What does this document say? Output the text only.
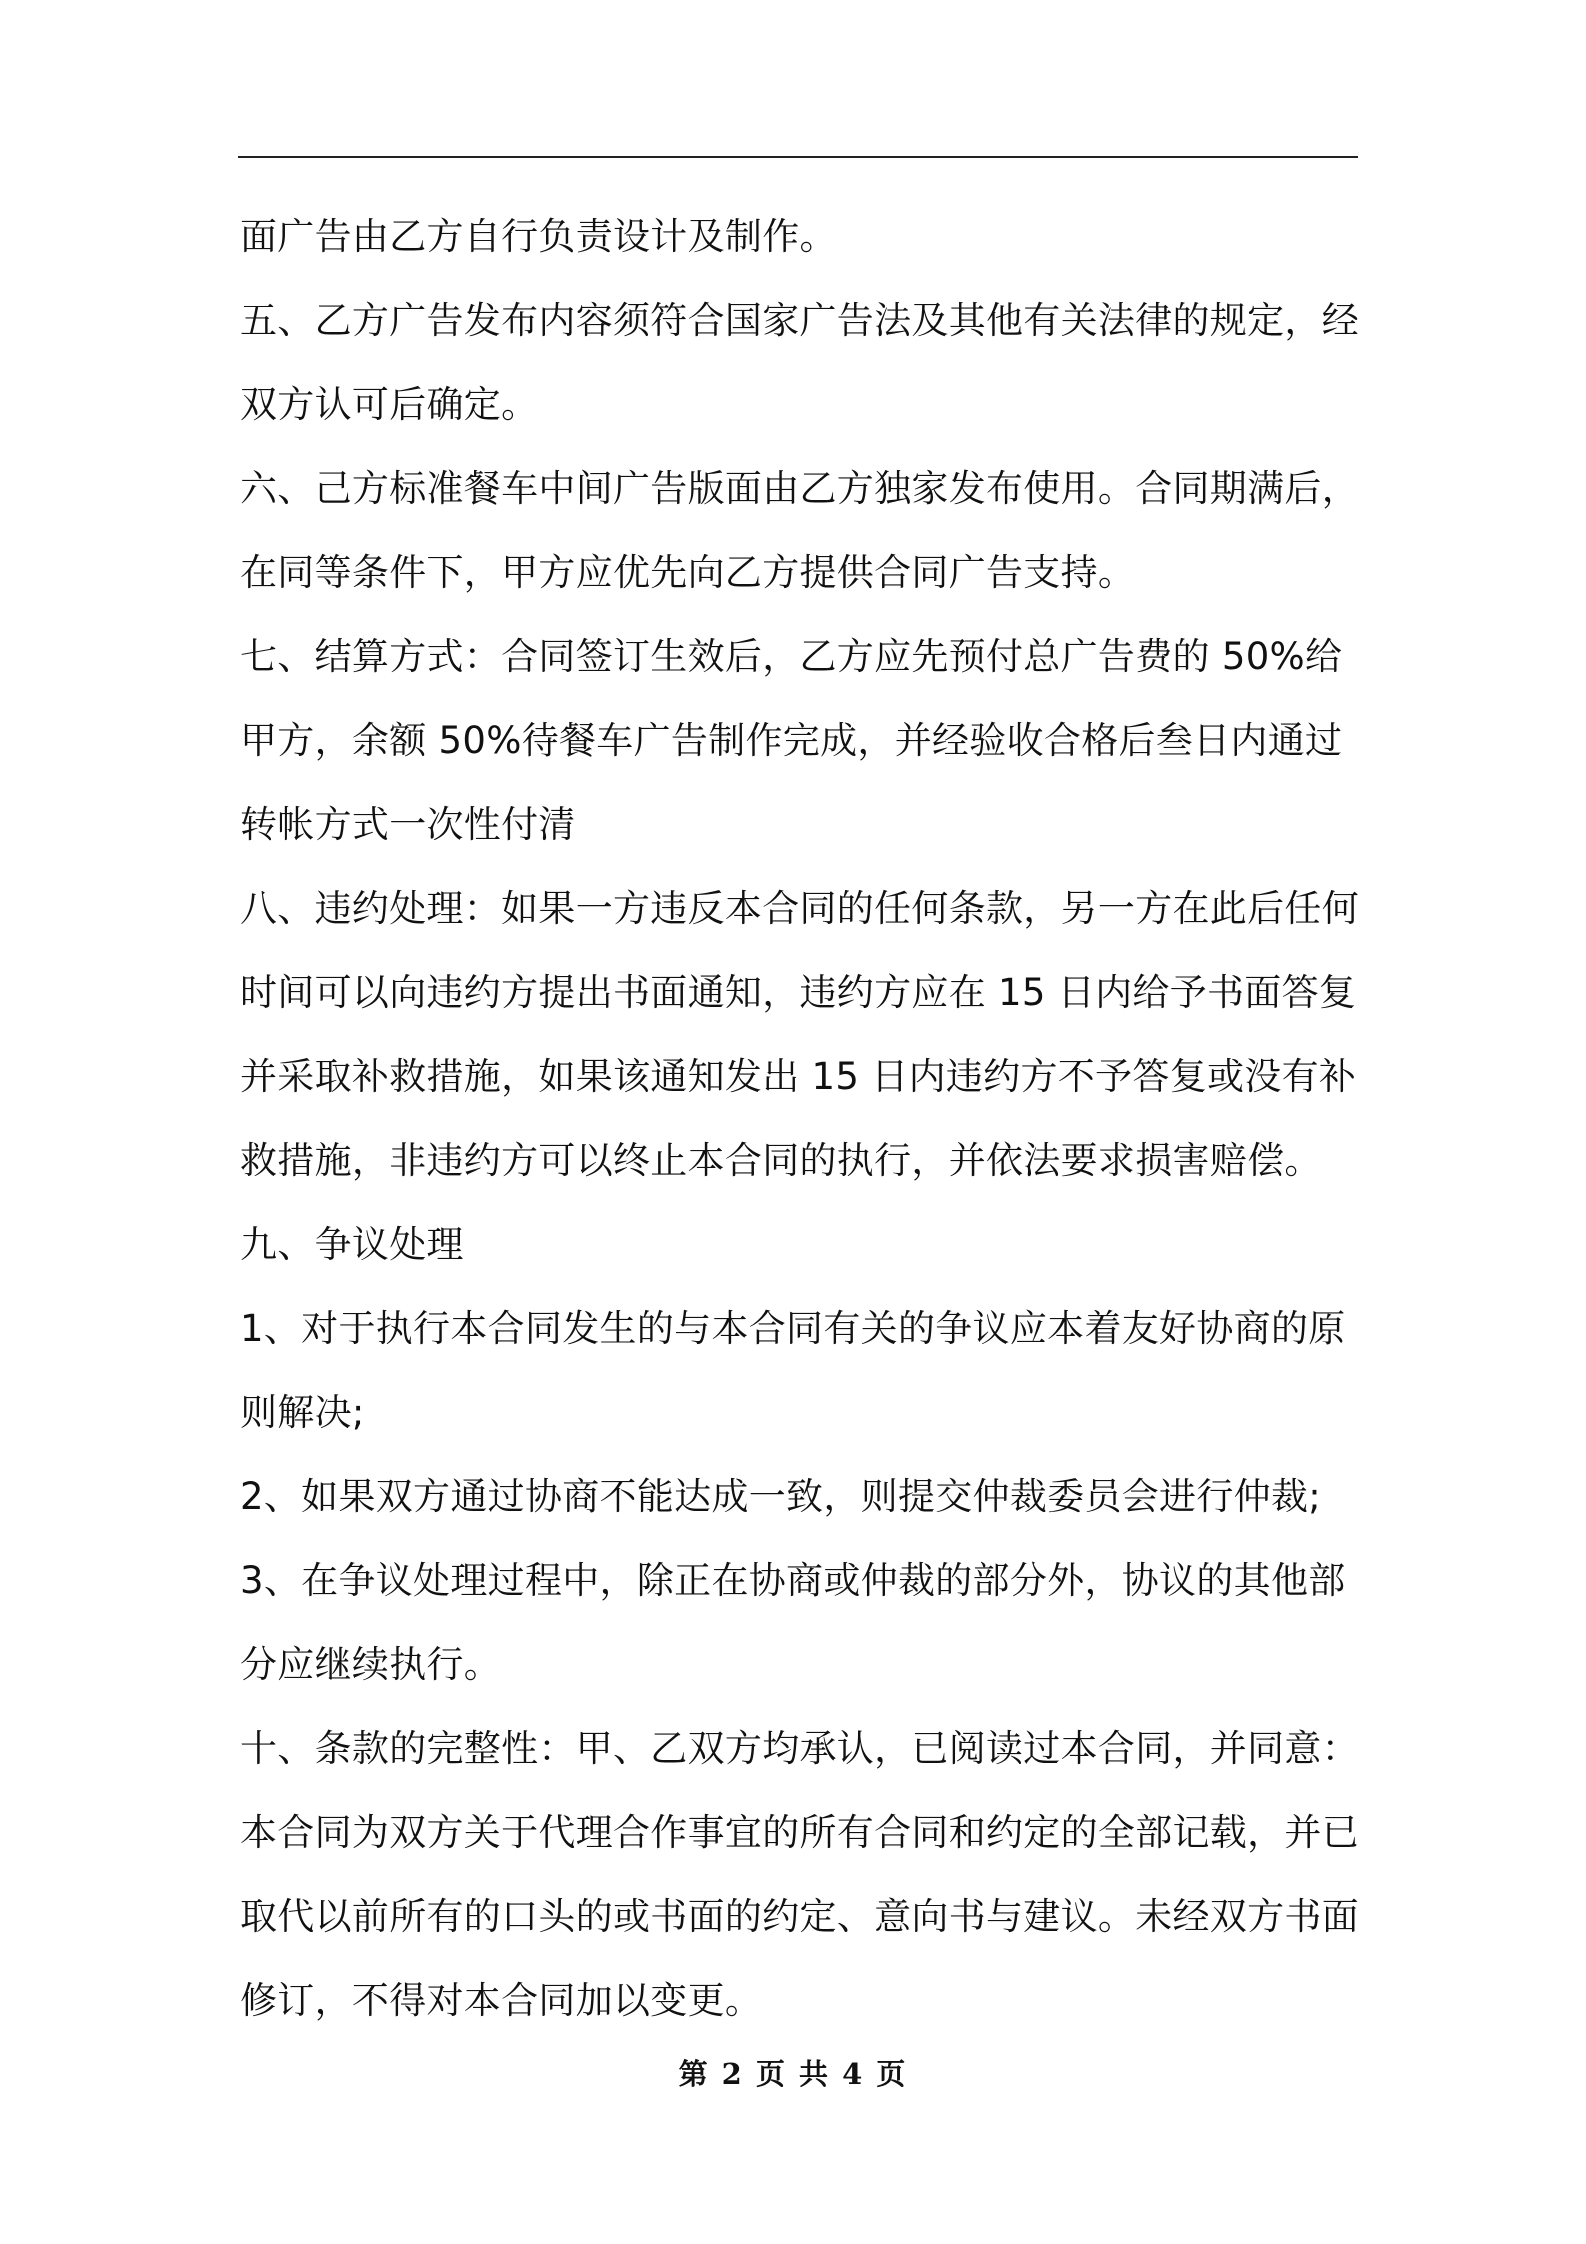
面广告由乙方自行负责设计及制作。
五、乙方广告发布内容须符合国家广告法及其他有关法律的规定，经
双方认可后确定。
六、己方标准餐车中间广告版面由乙方独家发布使用。合同期满后，
在同等条件下，甲方应优先向乙方提供合同广告支持。
七、结算方式：合同签订生效后，乙方应先预付总广告费的 50%给
甲方，余额 50%待餐车广告制作完成，并经验收合格后叁日内通过
转帐方式一次性付清
八、违约处理：如果一方违反本合同的任何条款，另一方在此后任何
时间可以向违约方提出书面通知，违约方应在 15 日内给予书面答复
并采取补救措施，如果该通知发出 15 日内违约方不予答复或没有补
救措施，非违约方可以终止本合同的执行，并依法要求损害赔偿。
九、争议处理
1、对于执行本合同发生的与本合同有关的争议应本着友好协商的原
则解决;
2、如果双方通过协商不能达成一致，则提交仲裁委员会进行仲裁;
3、在争议处理过程中，除正在协商或仲裁的部分外，协议的其他部
分应继续执行。
十、条款的完整性：甲、乙双方均承认，已阅读过本合同，并同意：
本合同为双方关于代理合作事宜的所有合同和约定的全部记载，并已
取代以前所有的口头的或书面的约定、意向书与建议。未经双方书面
修订，不得对本合同加以变更。
第 2 页 共 4 页
